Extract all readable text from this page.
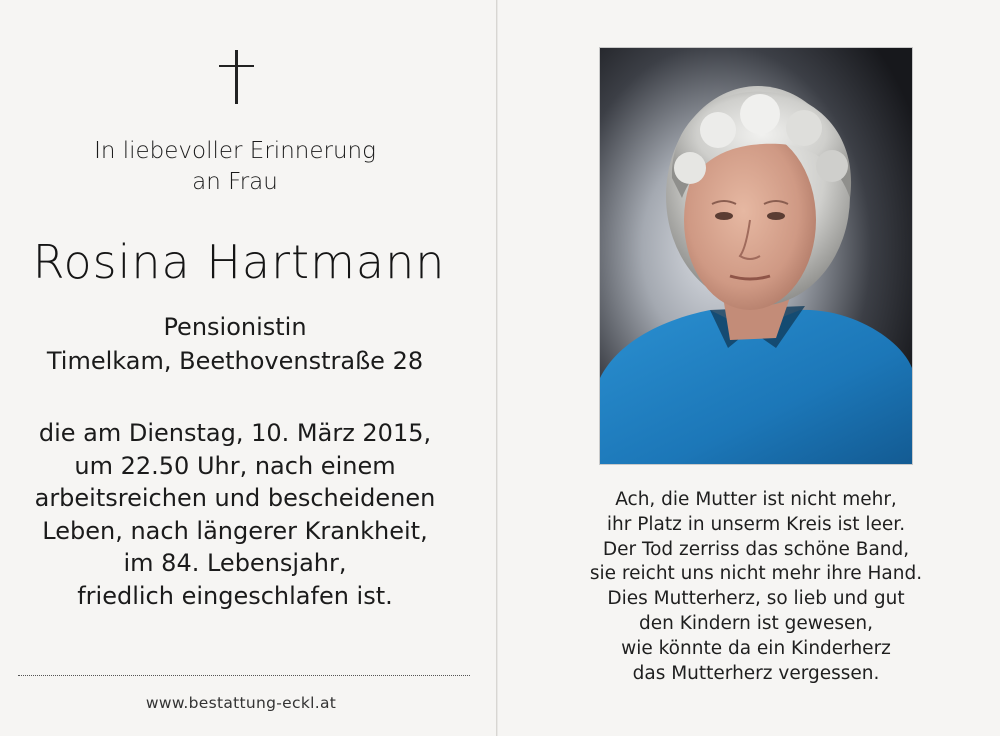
In liebevoller Erinnerung
an Frau
Rosina Hartmann
Pensionistin
Timelkam, Beethovenstraße 28
die am Dienstag, 10. März 2015,
um 22.50 Uhr, nach einem
arbeitsreichen und bescheidenen
Leben, nach längerer Krankheit,
im 84. Lebensjahr,
friedlich eingeschlafen ist.
www.bestattung-eckl.at
Ach, die Mutter ist nicht mehr,
ihr Platz in unserm Kreis ist leer.
Der Tod zerriss das schöne Band,
sie reicht uns nicht mehr ihre Hand.
Dies Mutterherz, so lieb und gut
den Kindern ist gewesen,
wie könnte da ein Kinderherz
das Mutterherz vergessen.
